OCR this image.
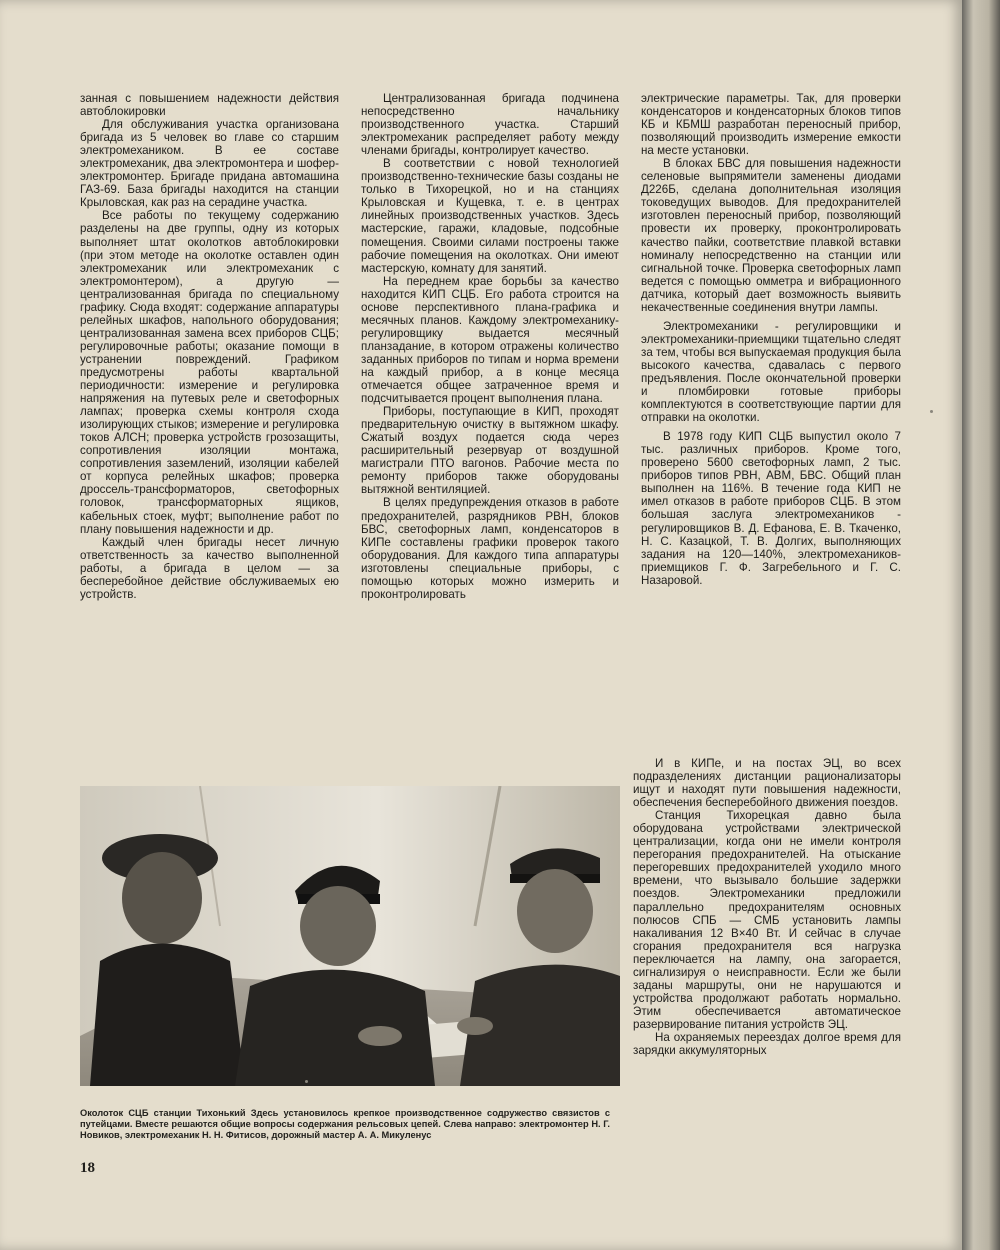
занная с повышением надежности действия автоблокировки

Для обслуживания участка организована бригада из 5 человек во главе со старшим электромехаником. В ее составе электромеханик, два электромонтера и шофер-электромонтер. Бригаде придана автомашина ГАЗ-69. База бригады находится на станции Крыловская, как раз на серадине участка.

Все работы по текущему содержанию разделены на две группы, одну из которых выполняет штат околотков автоблокировки (при этом методе на околотке оставлен один электромеханик или электромеханик с электромонтером), а другую — централизованная бригада по специальному графику. Сюда входят: содержание аппаратуры релейных шкафов, напольного оборудования; централизованная замена всех приборов СЦБ; регулировочные работы; оказание помощи в устранении повреждений. Графиком предусмотрены работы квартальной периодичности: измерение и регулировка напряжения на путевых реле и светофорных лампах; проверка схемы контроля схода изолирующих стыков; измерение и регулировка токов АЛСН; проверка устройств грозозащиты, сопротивления изоляции монтажа, сопротивления заземлений, изоляции кабелей от корпуса релейных шкафов; проверка дроссель-трансформаторов, светофорных головок, трансформаторных ящиков, кабельных стоек, муфт; выполнение работ по плану повышения надежности и др.

Каждый член бригады несет личную ответственность за качество выполненной работы, а бригада в целом — за бесперебойное действие обслуживаемых ею устройств.

Централизованная бригада подчинена непосредственно начальнику производственного участка. Старший электромеханик распределяет работу между членами бригады, контролирует качество.

В соответствии с новой технологией производственно-технические базы созданы не только в Тихорецкой, но и на станциях Крыловская и Кущевка, т. е. в центрах линейных производственных участков. Здесь мастерские, гаражи, кладовые, подсобные помещения. Своими силами построены также рабочие помещения на околотках. Они имеют мастерскую, комнату для занятий.

На переднем крае борьбы за качество находится КИП СЦБ. Его работа строится на основе перспективного плана-графика и месячных планов. Каждому электромеханику-регулировщику выдается месячный планзадание, в котором отражены количество заданных приборов по типам и норма времени на каждый прибор, а в конце месяца отмечается общее затраченное время и подсчитывается процент выполнения плана.

Приборы, поступающие в КИП, проходят предварительную очистку в вытяжном шкафу. Сжатый воздух подается сюда через расширительный резервуар от воздушной магистрали ПТО вагонов. Рабочие места по ремонту приборов также оборудованы вытяжной вентиляцией.

В целях предупреждения отказов в работе предохранителей, разрядников РВН, блоков БВС, светофорных ламп, конденсаторов в КИПе составлены графики проверок такого оборудования. Для каждого типа аппаратуры изготовлены специальные приборы, с помощью которых можно измерить и проконтролировать

электрические параметры. Так, для проверки конденсаторов и конденсаторных блоков типов КБ и КБМШ разработан переносный прибор, позволяющий производить измерение емкости на месте установки.

В блоках БВС для повышения надежности селеновые выпрямители заменены диодами Д226Б, сделана дополнительная изоляция токоведущих выводов. Для предохранителей изготовлен переносный прибор, позволяющий провести их проверку, проконтролировать качество пайки, соответствие плавкой вставки номиналу непосредственно на станции или сигнальной точке. Проверка светофорных ламп ведется с помощью омметра и вибрационного датчика, который дает возможность выявить некачественные соединения внутри лампы.

Электромеханики - регулировщики и электромеханики-приемщики тщательно следят за тем, чтобы вся выпускаемая продукция была высокого качества, сдавалась с первого предъявления. После окончательной проверки и пломбировки готовые приборы комплектуются в соответствующие партии для отправки на околотки.

В 1978 году КИП СЦБ выпустил около 7 тыс. различных приборов. Кроме того, проверено 5600 светофорных ламп, 2 тыс. приборов типов РВН, АВМ, БВС. Общий план выполнен на 116%. В течение года КИП не имел отказов в работе приборов СЦБ. В этом большая заслуга электромехаников - регулировщиков В. Д. Ефанова, Е. В. Ткаченко, Н. С. Казацкой, Т. В. Долгих, выполняющих задания на 120—140%, электромехаников-приемщиков Г. Ф. Загребельного и Г. С. Назаровой.

И в КИПе, и на постах ЭЦ, во всех подразделениях дистанции рационализаторы ищут и находят пути повышения надежности, обеспечения бесперебойного движения поездов.

Станция Тихорецкая давно была оборудована устройствами электрической централизации, когда они не имели контроля перегорания предохранителей. На отыскание перегоревших предохранителей уходило много времени, что вызывало большие задержки поездов. Электромеханики предложили параллельно предохранителям основных полюсов СПБ — СМБ установить лампы накаливания 12 В×40 Вт. И сейчас в случае сгорания предохранителя вся нагрузка переключается на лампу, она загорается, сигнализируя о неисправности. Если же были заданы маршруты, они не нарушаются и устройства продолжают работать нормально. Этим обеспечивается автоматическое разервирование питания устройств ЭЦ.

На охраняемых переездах долгое время для зарядки аккумуляторных

Околоток СЦБ станции Тихонький Здесь установилось крепкое производственное содружество связистов с путейцами. Вместе решаются общие вопросы содержания рельсовых цепей. Слева направо: электромонтер Н. Г. Новиков, электромеханик Н. Н. Фитисов, дорожный мастер А. А. Микуленус
18
